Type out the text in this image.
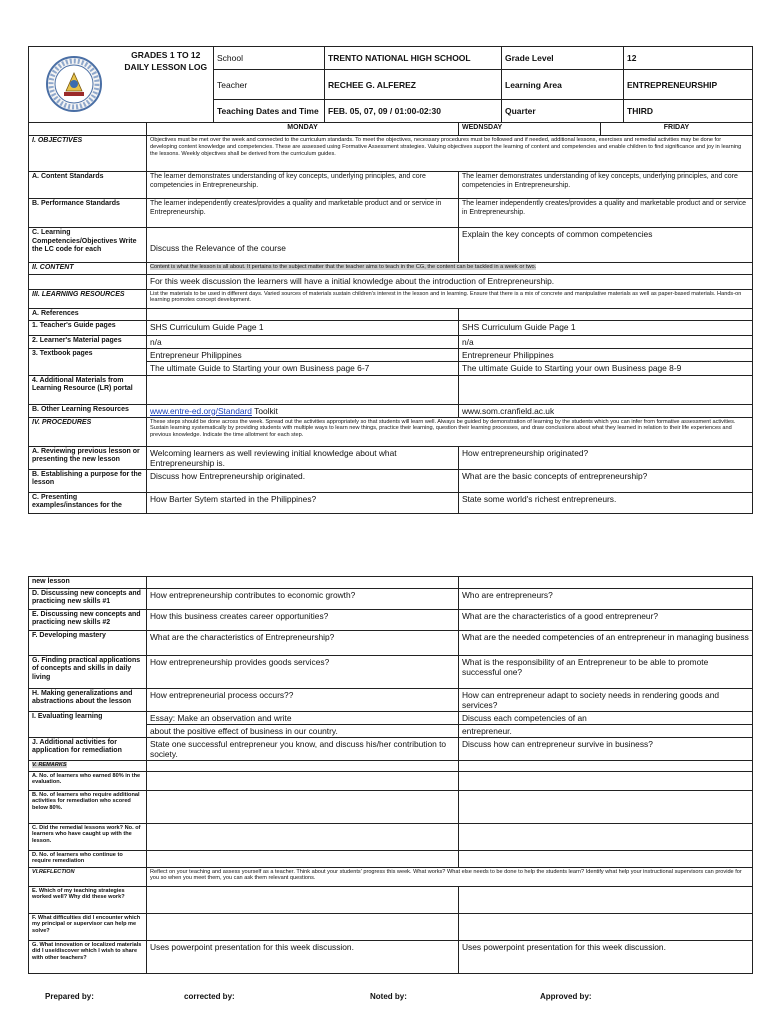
GRADES 1 TO 12
DAILY LESSON LOG	School	TRENTO NATIONAL HIGH SCHOOL	Grade Level	12
		Teacher	RECHEE G. ALFEREZ	Learning Area	ENTREPRENEURSHIP
		Teaching Dates and Time	FEB. 05, 07, 09 / 01:00-02:30	Quarter	THIRD
	MONDAY	WEDNSDAY	FRIDAY
I. OBJECTIVES	Objectives must be met over the week and connected to the curriculum standards. To meet the objectives, necessary procedures must be followed and if needed, additional lessons, exercises and remedial activities may be done for developing content knowledge and competencies. These are assessed using Formative Assessment strategies. Valuing objectives support the learning of content and competencies and enable children to find significance and joy in learning the lessons. Weekly objectives shall be derived from the curriculum guides.		
A. Content Standards	The learner demonstrates understanding of key concepts, underlying principles, and core competencies in Entrepreneurship.	The learner demonstrates understanding of key concepts, underlying principles, and core competencies in Entrepreneurship.	
B. Performance Standards	The learner independently creates/provides a quality and marketable product and or service in Entrepreneurship.	The learner independently creates/provides a quality and marketable product and or service in Entrepreneurship.	
C. Learning Competencies/Objectives Write the LC code for each	Discuss the Relevance of the course	Explain the key concepts of common competencies	
II. CONTENT	Content is what the lesson is all about. It pertains to the subject matter that the teacher aims to teach in the CG, the content can be tackled in a week or two.		
	For this week discussion the learners will have a initial knowledge about the introduction of Entrepreneurship.		
III. LEARNING RESOURCES	List the materials to be used in different days. Varied sources of materials sustain children's interest in the lesson and in learning. Ensure that there is a mix of concrete and manipulative materials as well as paper-based materials. Hands-on learning promotes concept development.		
A. References			
1. Teacher's Guide pages	SHS Curriculum Guide Page 1	SHS Curriculum Guide Page 1	
2. Learner's Material pages	n/a	n/a	
3. Textbook pages	Entrepreneur Philippines	Entrepreneur Philippines	
	The ultimate Guide to Starting your own Business page 6-7	The ultimate Guide to Starting your own Business page 8-9	
4. Additional Materials from Learning Resource (LR) portal			
B. Other Learning Resources	www.entre-ed.org/Standard Toolkit	www.som.cranfield.ac.uk	
IV. PROCEDURES	These steps should be done across the week. Spread out the activities appropriately so that students will learn well. Always be guided by demonstration of learning by the students which you can infer from formative assessment activities. Sustain learning systematically by providing students with multiple ways to learn new things, practice their learning, question their learning processes, and draw conclusions about what they learned in relation to their life experiences and previous knowledge. Indicate the time allotment for each step.		
A. Reviewing previous lesson or presenting the new lesson	Welcoming learners as well reviewing initial knowledge about what Entrepreneurship is.	How entrepreneurship originated?	
B. Establishing a purpose for the lesson	Discuss how Entrepreneurship originated.	What are the basic concepts of entrepreneurship?	
C. Presenting examples/instances for the	How Barter Sytem started in the Philippines?	State some world's richest entrepreneurs.	
new lesson		
D. Discussing new concepts and practicing new skills #1	How entrepreneurship contributes to economic growth?	Who are entrepreneurs?
E. Discussing new concepts and practicing new skills #2	How this business creates career opportunities?	What are the characteristics of a good entrepreneur?
F. Developing mastery	What are the characteristics of Entrepreneurship?	What are the needed competencies of an entrepreneur in managing business
G. Finding practical applications of concepts and skills in daily living	How entrepreneurship provides goods services?	What is the responsibility of an Entrepreneur to be able to promote successful one?
H. Making generalizations and abstractions about the lesson	How entrepreneurial process occurs??	How can entrepreneur adapt to society needs in rendering goods and services?
I. Evaluating learning	Essay: Make an observation and write	Discuss each competencies of an
	about the positive effect of business in our country.	entrepreneur.
J. Additional activities for application for remediation	State one successful entrepreneur you know, and discuss his/her contribution to society.	Discuss how can entrepreneur survive in business?
V. REMARKS		
A. No. of learners who earned 80% in the evaluation.		
B. No. of learners who require additional activities for remediation who scored below 80%.		
C. Did the remedial lessons work? No. of learners who have caught up with the lesson.		
D. No. of learners who continue to require remediation		
VI.REFLECTION	Reflect on your teaching and assess yourself as a teacher. Think about your students' progress this week. What works? What else needs to be done to help the students learn? Identify what help your instructional supervisors can provide for you so when you meet them, you can ask them relevant questions.	
E. Which of my teaching strategies worked well? Why did these work?		
F. What difficulties did I encounter which my principal or supervisor can help me solve?		
G. What innovation or localized materials did I use/discover which I wish to share with other teachers?	Uses powerpoint presentation for this week discussion.	Uses powerpoint presentation for this week discussion.
Prepared by:	corrected by:	Noted by:	Approved by:
